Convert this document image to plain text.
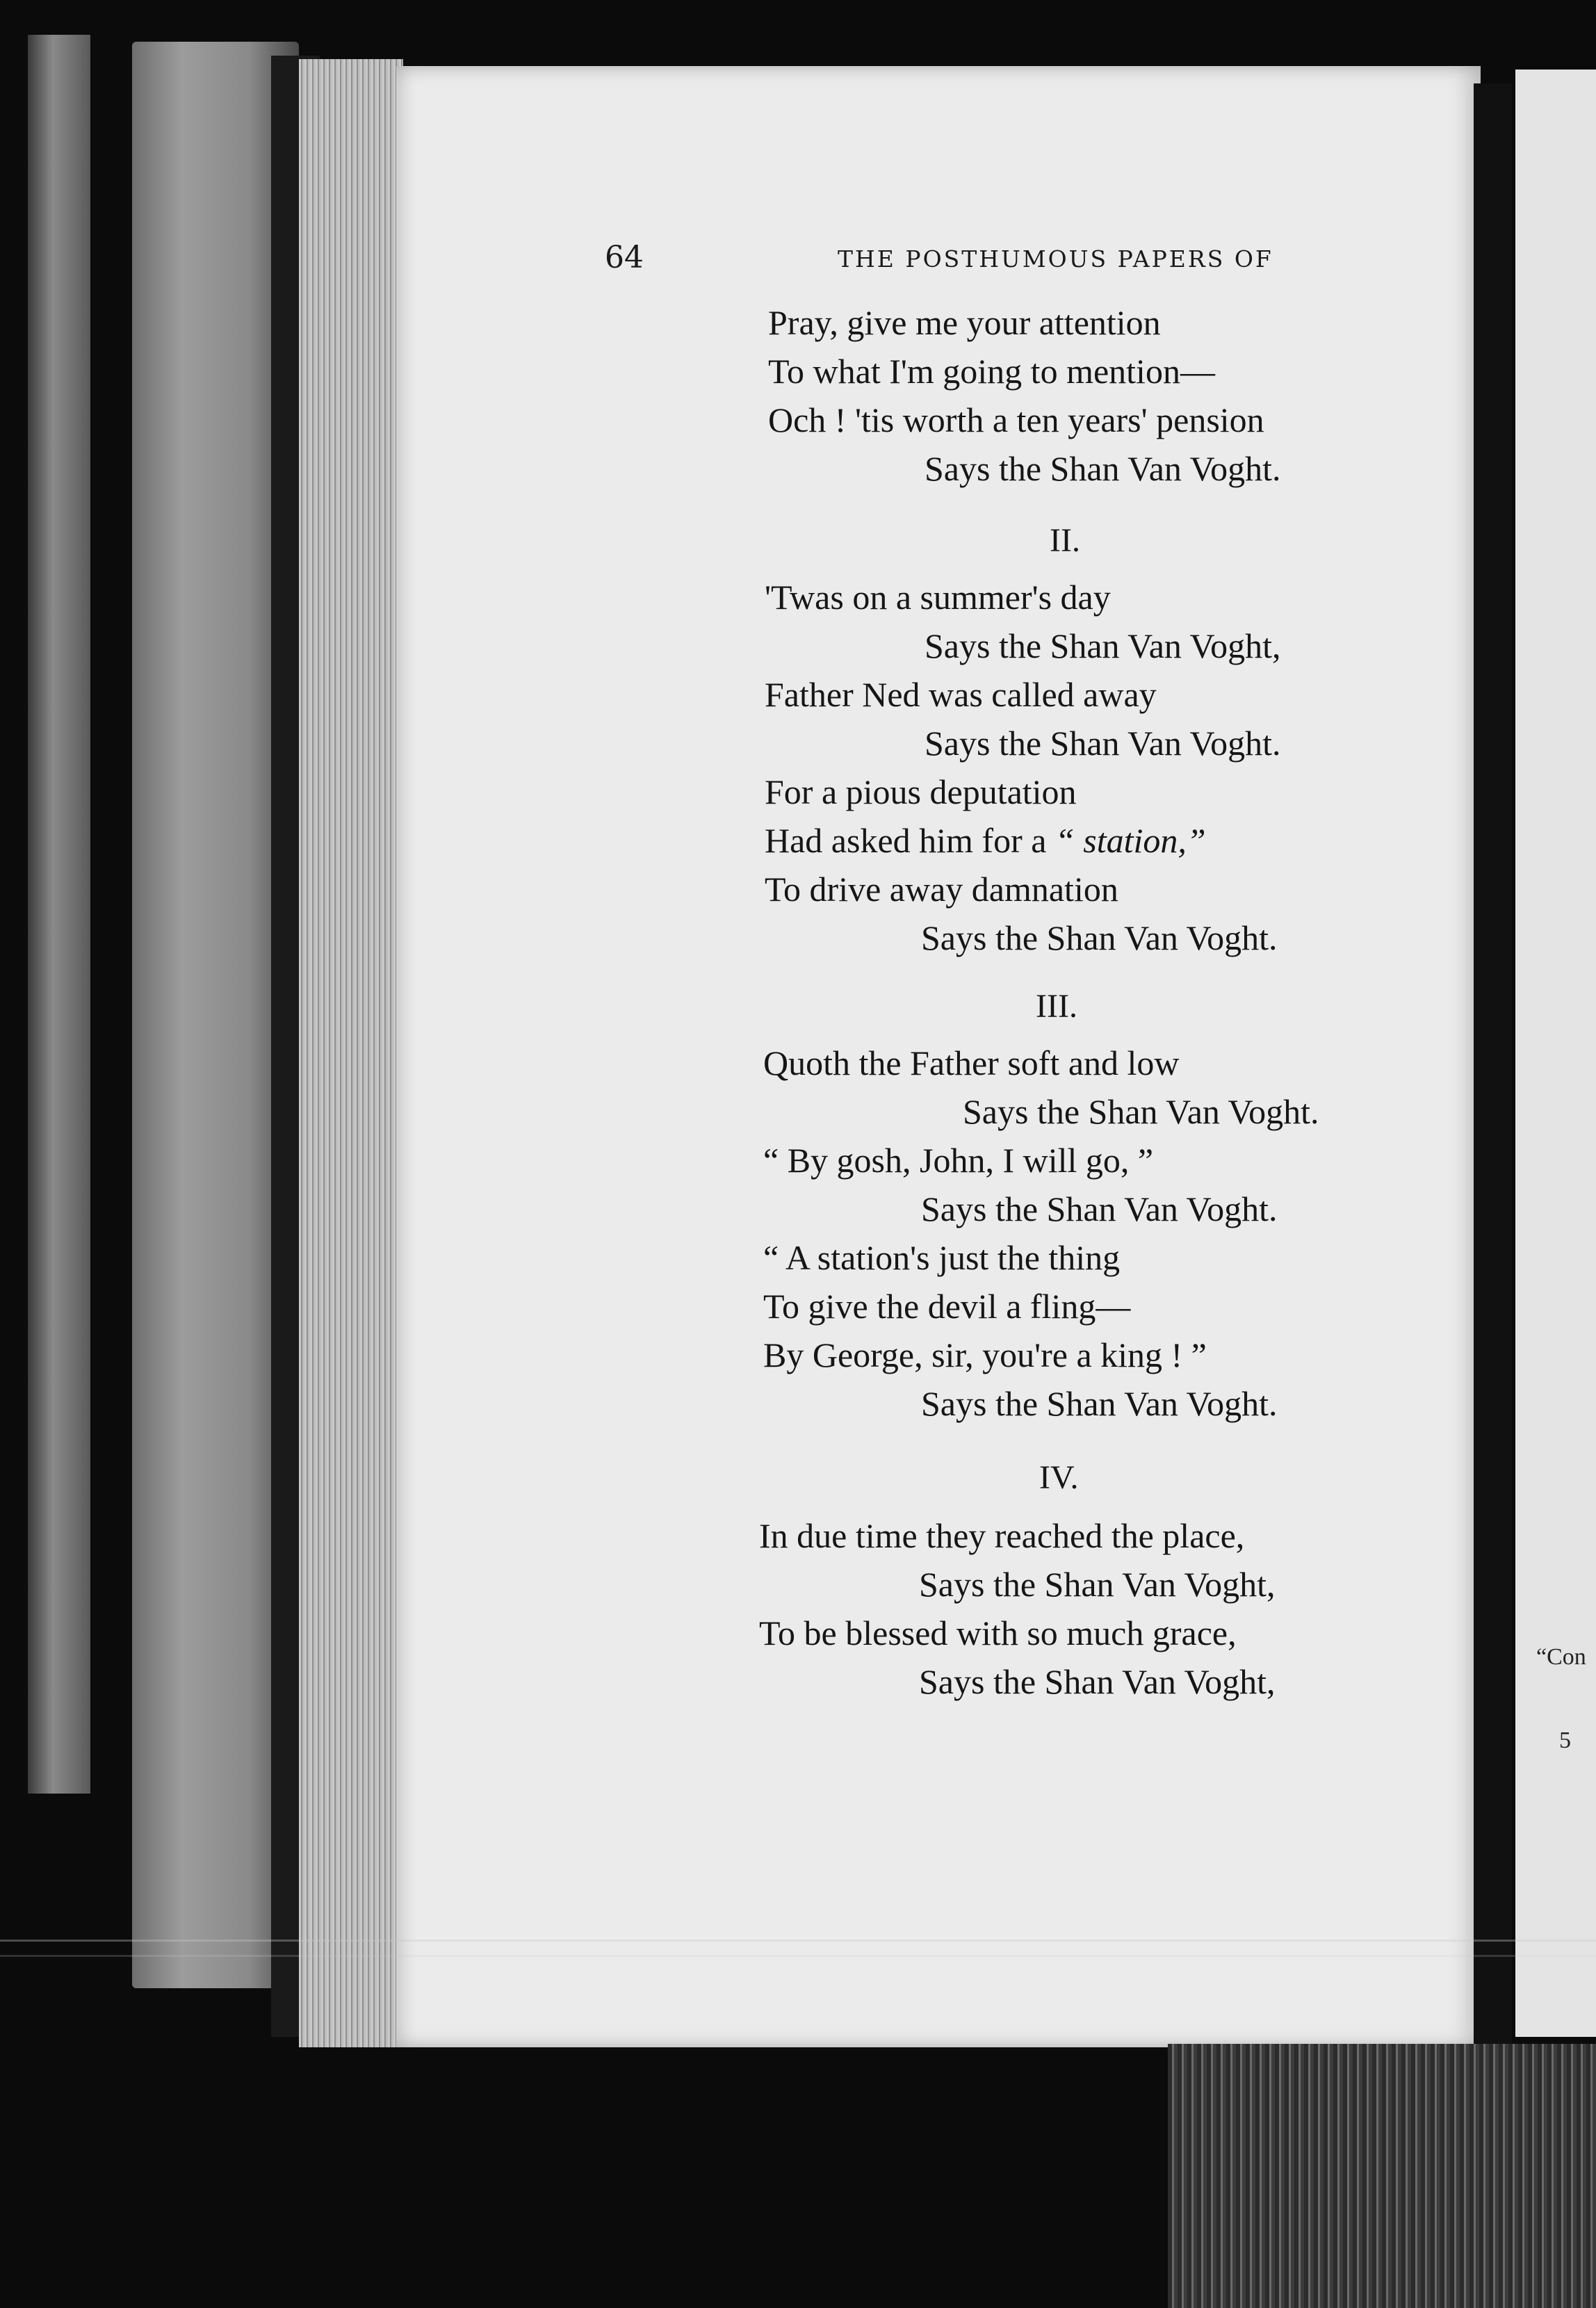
64	THE POSTHUMOUS PAPERS OF
Pray, give me your attention
To what I'm going to mention—
Och ! 'tis worth a ten years' pension
Says the Shan Van Voght.
II.
'Twas on a summer's day
Says the Shan Van Voght,
Father Ned was called away
Says the Shan Van Voght.
For a pious deputation
Had asked him for a “ station,”
To drive away damnation
Says the Shan Van Voght.
III.
Quoth the Father soft and low
Says the Shan Van Voght.
“ By gosh, John, I will go, ”
Says the Shan Van Voght.
“ A station's just the thing
To give the devil a fling—
By George, sir, you're a king ! ”
Says the Shan Van Voght.
IV.
In due time they reached the place,
Says the Shan Van Voght,
To be blessed with so much grace,
Says the Shan Van Voght,
“Con
5
